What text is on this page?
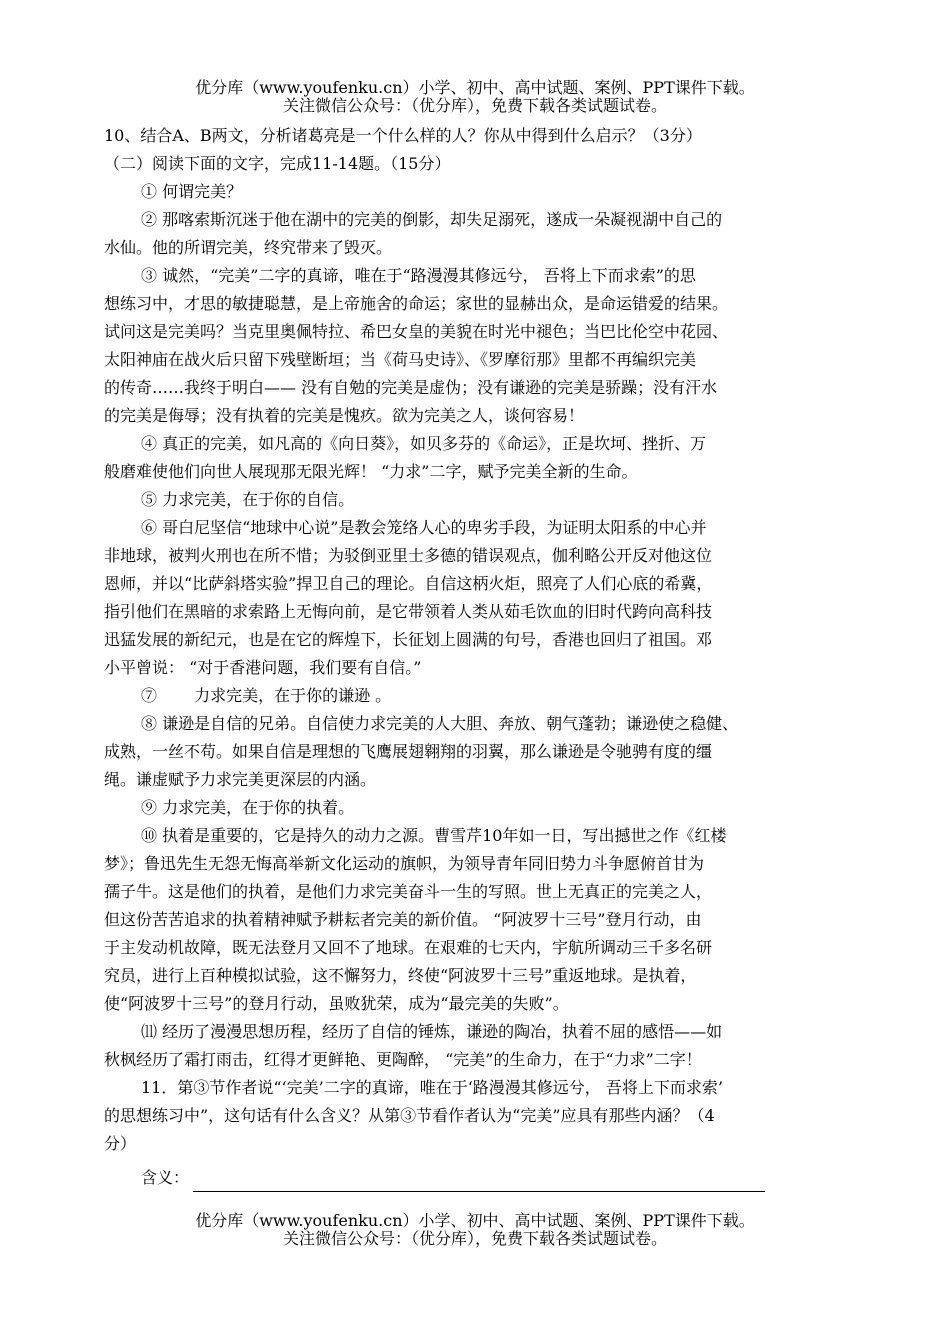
优分库（www.youfenku.cn）小学、初中、高中试题、案例、PPT课件下载。
关注微信公众号：（优分库），免费下载各类试题试卷。
10、结合A、B两文，分析诸葛亮是一个什么样的人？你从中得到什么启示？（3分）
（二）阅读下面的文字，完成11-14题。（15分）
① 何谓完美？
② 那喀索斯沉迷于他在湖中的完美的倒影，却失足溺死，遂成一朵凝视湖中自己的
水仙。他的所谓完美，终究带来了毁灭。
③ 诚然，“完美”二字的真谛，唯在于“路漫漫其修远兮， 吾将上下而求索”的思
想练习中，才思的敏捷聪慧，是上帝施舍的命运；家世的显赫出众，是命运错爱的结果。
试问这是完美吗？当克里奥佩特拉、希巴女皇的美貌在时光中褪色；当巴比伦空中花园、
太阳神庙在战火后只留下残壁断垣；当《荷马史诗》、《罗摩衍那》里都不再编织完美
的传奇……我终于明白—— 没有自勉的完美是虚伪；没有谦逊的完美是骄躁；没有汗水
的完美是侮辱；没有执着的完美是愧疚。欲为完美之人，谈何容易！
④ 真正的完美，如凡高的《向日葵》，如贝多芬的《命运》，正是坎坷、挫折、万
般磨难使他们向世人展现那无限光辉！ “力求”二字，赋予完美全新的生命。
⑤ 力求完美，在于你的自信。
⑥ 哥白尼坚信“地球中心说”是教会笼络人心的卑劣手段，为证明太阳系的中心并
非地球，被判火刑也在所不惜；为驳倒亚里士多德的错误观点，伽利略公开反对他这位
恩师，并以“比萨斜塔实验”捍卫自己的理论。自信这柄火炬，照亮了人们心底的希冀，
指引他们在黑暗的求索路上无悔向前，是它带领着人类从茹毛饮血的旧时代跨向高科技
迅猛发展的新纪元，也是在它的辉煌下，长征划上圆满的句号，香港也回归了祖国。邓
小平曾说： “对于香港问题，我们要有自信。”
⑦ 　　力求完美，在于你的谦逊 。
⑧ 谦逊是自信的兄弟。自信使力求完美的人大胆、奔放、朝气蓬勃；谦逊使之稳健、
成熟，一丝不苟。如果自信是理想的飞鹰展翅翱翔的羽翼，那么谦逊是令驰骋有度的缰
绳。谦虚赋予力求完美更深层的内涵。
⑨ 力求完美，在于你的执着。
⑩ 执着是重要的，它是持久的动力之源。曹雪芹10年如一日，写出撼世之作《红楼
梦》；鲁迅先生无怨无悔高举新文化运动的旗帜，为领导青年同旧势力斗争愿俯首甘为
孺子牛。这是他们的执着，是他们力求完美奋斗一生的写照。世上无真正的完美之人，
但这份苦苦追求的执着精神赋予耕耘者完美的新价值。 “阿波罗十三号”登月行动，由
于主发动机故障，既无法登月又回不了地球。在艰难的七天内，宇航所调动三千多名研
究员，进行上百种模拟试验，这不懈努力，终使“阿波罗十三号”重返地球。是执着，
使“阿波罗十三号”的登月行动，虽败犹荣，成为“最完美的失败”。
⑾ 经历了漫漫思想历程，经历了自信的锤炼，谦逊的陶冶，执着不屈的感悟——如
秋枫经历了霜打雨击，红得才更鲜艳、更陶醉， “完美”的生命力，在于“力求”二字！
11．第③节作者说“‘完美’二字的真谛，唯在于‘路漫漫其修远兮， 吾将上下而求索’
的思想练习中”，这句话有什么含义？从第③节看作者认为“完美”应具有那些内涵？（4
分）
含义：
优分库（www.youfenku.cn）小学、初中、高中试题、案例、PPT课件下载。
关注微信公众号：（优分库），免费下载各类试题试卷。
